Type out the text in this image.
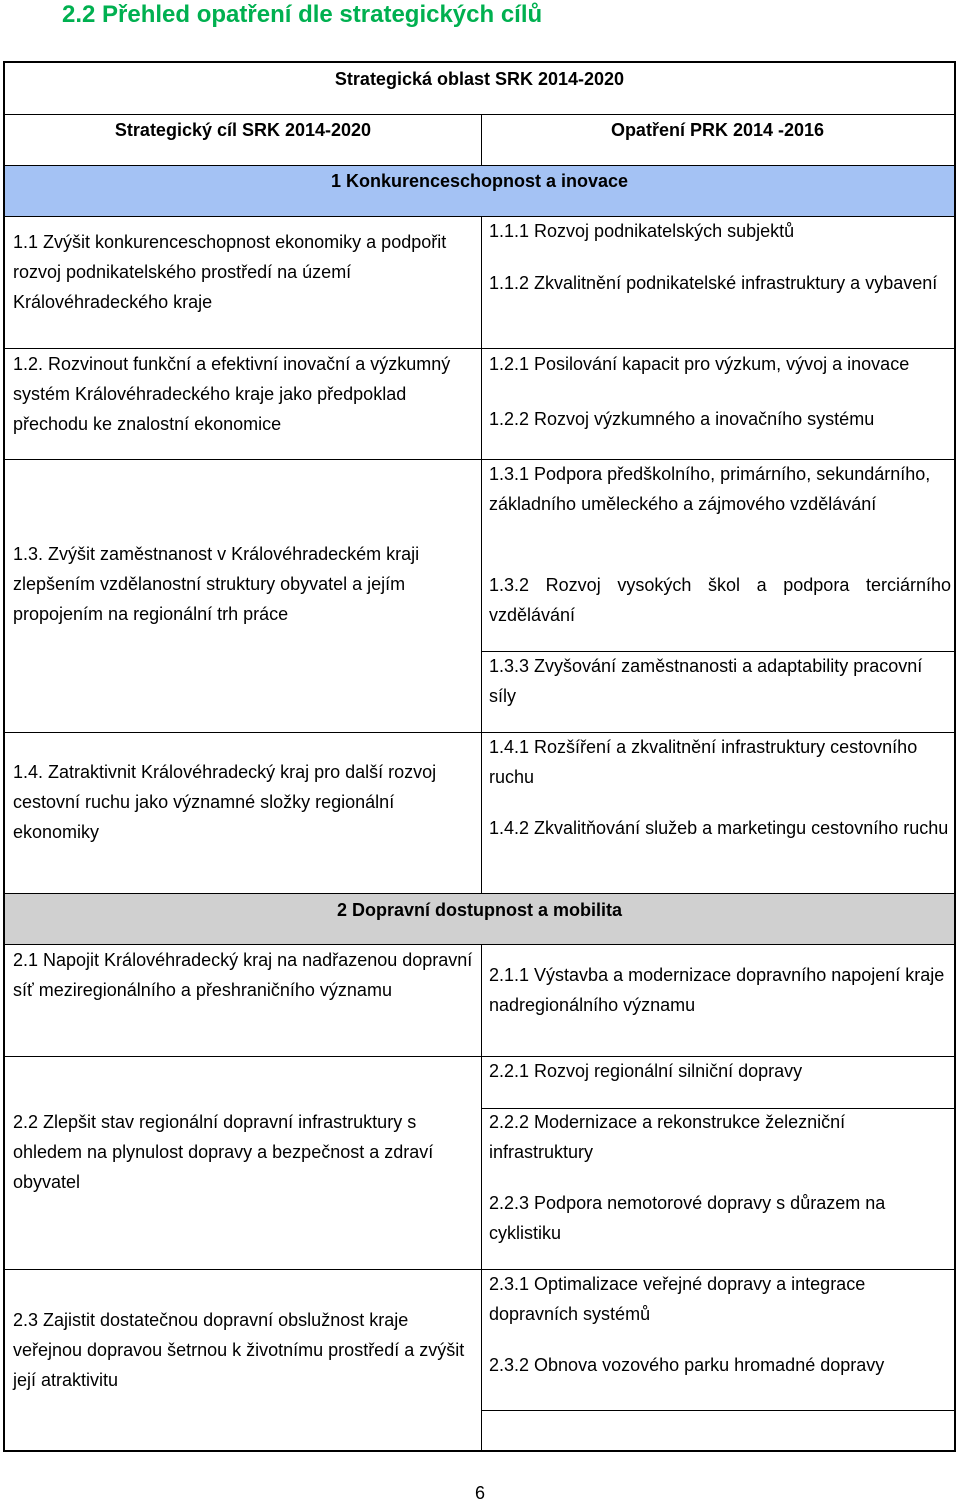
2.2 Přehled opatření dle strategických cílů
Strategická oblast SRK 2014-2020
Strategický cíl SRK 2014-2020	Opatření PRK 2014 -2016
1 Konkurenceschopnost a inovace
2 Dopravní dostupnost a mobilita
1.1 Zvýšit konkurenceschopnost ekonomiky a podpořit rozvoj podnikatelského prostředí na území Královéhradeckého kraje
1.2. Rozvinout funkční a efektivní inovační a výzkumný systém Královéhradeckého kraje jako předpoklad přechodu ke znalostní ekonomice
1.3. Zvýšit zaměstnanost v Královéhradeckém kraji zlepšením vzdělanostní struktury obyvatel a jejím propojením na regionální trh práce
1.4. Zatraktivnit Královéhradecký kraj pro další rozvoj cestovní ruchu jako významné složky regionální ekonomiky
1.1.1 Rozvoj podnikatelských subjektů
1.1.2 Zkvalitnění podnikatelské infrastruktury a vybavení
1.2.1 Posilování kapacit pro výzkum, vývoj a inovace
1.2.2 Rozvoj výzkumného a inovačního systému
1.3.1 Podpora předškolního, primárního, sekundárního, základního uměleckého a zájmového vzdělávání
1.3.2 Rozvoj vysokých škol a podpora terciárního vzdělávání
1.3.3 Zvyšování zaměstnanosti a adaptability pracovní síly
1.4.1 Rozšíření a zkvalitnění infrastruktury cestovního ruchu
1.4.2 Zkvalitňování služeb a marketingu cestovního ruchu
2.1 Napojit Královéhradecký kraj na nadřazenou dopravní síť meziregionálního a přeshraničního významu
2.2 Zlepšit stav regionální dopravní infrastruktury s ohledem na plynulost dopravy a bezpečnost a zdraví obyvatel
2.3 Zajistit dostatečnou dopravní obslužnost kraje veřejnou dopravou šetrnou k životnímu prostředí a zvýšit její atraktivitu
2.1.1 Výstavba a modernizace dopravního napojení kraje nadregionálního významu
2.2.1 Rozvoj regionální silniční dopravy
2.2.2 Modernizace a rekonstrukce železniční infrastruktury
2.2.3 Podpora nemotorové dopravy s důrazem na cyklistiku
2.3.1 Optimalizace veřejné dopravy a integrace dopravních systémů
2.3.2 Obnova vozového parku hromadné dopravy
6
